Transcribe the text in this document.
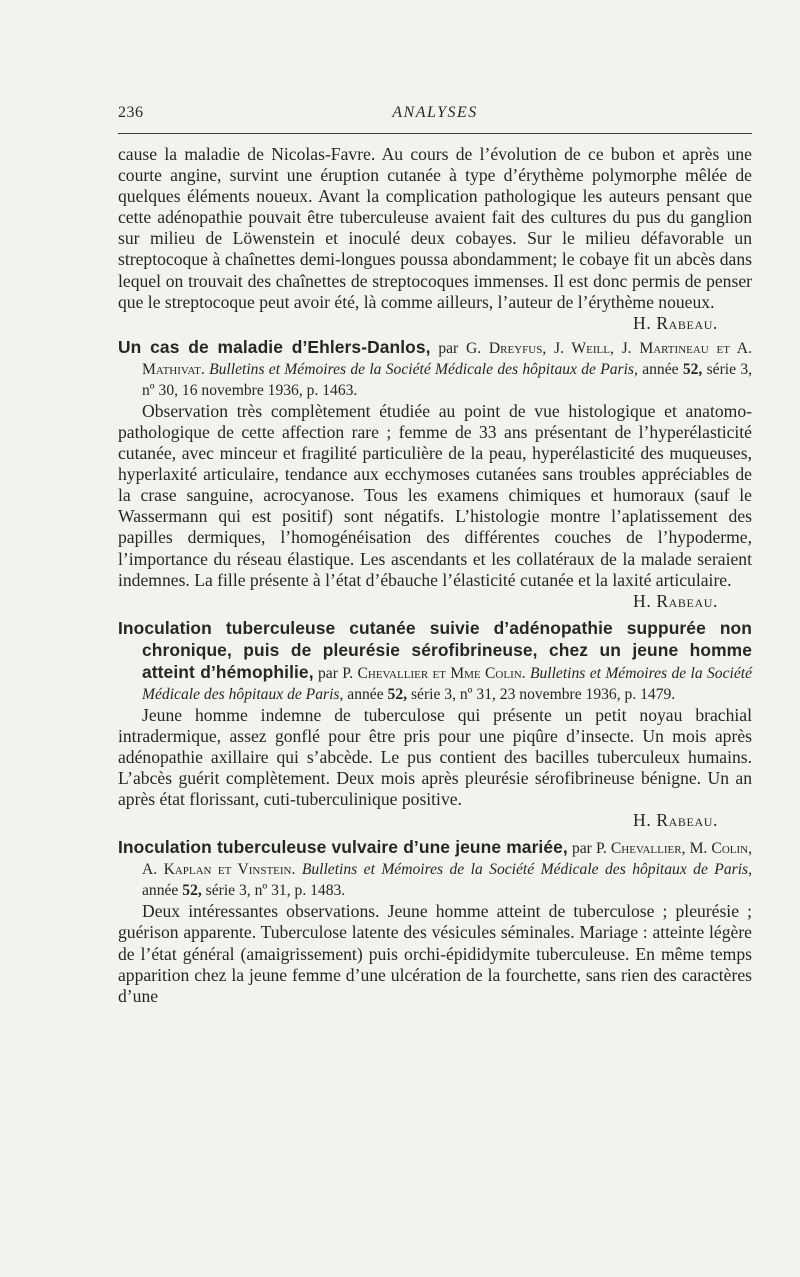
236	ANALYSES

cause la maladie de Nicolas-Favre. Au cours de l’évolution de ce bubon et après une courte angine, survint une éruption cutanée à type d’érythème polymorphe mêlée de quelques éléments noueux. Avant la complication pathologique les auteurs pensant que cette adénopathie pouvait être tuberculeuse avaient fait des cultures du pus du ganglion sur milieu de Löwenstein et inoculé deux cobayes. Sur le milieu défavorable un streptocoque à chaînettes demi-longues poussa abondamment; le cobaye fit un abcès dans lequel on trouvait des chaînettes de streptocoques immenses. Il est donc permis de penser que le streptocoque peut avoir été, là comme ailleurs, l’auteur de l’érythème noueux.

H. Rabeau.

Un cas de maladie d’Ehlers-Danlos, par G. Dreyfus, J. Weill, J. Martineau et A. Mathivat. Bulletins et Mémoires de la Société Médicale des hôpitaux de Paris, année 52, série 3, nº 30, 16 novembre 1936, p. 1463.

Observation très complètement étudiée au point de vue histologique et anatomo-pathologique de cette affection rare ; femme de 33 ans présentant de l’hyperélasticité cutanée, avec minceur et fragilité particulière de la peau, hyperélasticité des muqueuses, hyperlaxité articulaire, tendance aux ecchymoses cutanées sans troubles appréciables de la crase sanguine, acrocyanose. Tous les examens chimiques et humoraux (sauf le Wassermann qui est positif) sont négatifs. L’histologie montre l’aplatissement des papilles dermiques, l’homogénéisation des différentes couches de l’hypoderme, l’importance du réseau élastique. Les ascendants et les collatéraux de la malade seraient indemnes. La fille présente à l’état d’ébauche l’élasticité cutanée et la laxité articulaire.

H. Rabeau.

Inoculation tuberculeuse cutanée suivie d’adénopathie suppurée non chronique, puis de pleurésie sérofibrineuse, chez un jeune homme atteint d’hémophilie, par P. Chevallier et Mme Colin. Bulletins et Mémoires de la Société Médicale des hôpitaux de Paris, année 52, série 3, nº 31, 23 novembre 1936, p. 1479.

Jeune homme indemne de tuberculose qui présente un petit noyau brachial intradermique, assez gonflé pour être pris pour une piqûre d’insecte. Un mois après adénopathie axillaire qui s’abcède. Le pus contient des bacilles tuberculeux humains. L’abcès guérit complètement. Deux mois après pleurésie sérofibrineuse bénigne. Un an après état florissant, cuti-tuberculinique positive.

H. Rabeau.

Inoculation tuberculeuse vulvaire d’une jeune mariée, par P. Chevallier, M. Colin, A. Kaplan et Vinstein. Bulletins et Mémoires de la Société Médicale des hôpitaux de Paris, année 52, série 3, nº 31, p. 1483.

Deux intéressantes observations. Jeune homme atteint de tuberculose ; pleurésie ; guérison apparente. Tuberculose latente des vésicules séminales. Mariage : atteinte légère de l’état général (amaigrissement) puis orchi-épididymite tuberculeuse. En même temps apparition chez la jeune femme d’une ulcération de la fourchette, sans rien des caractères d’une
